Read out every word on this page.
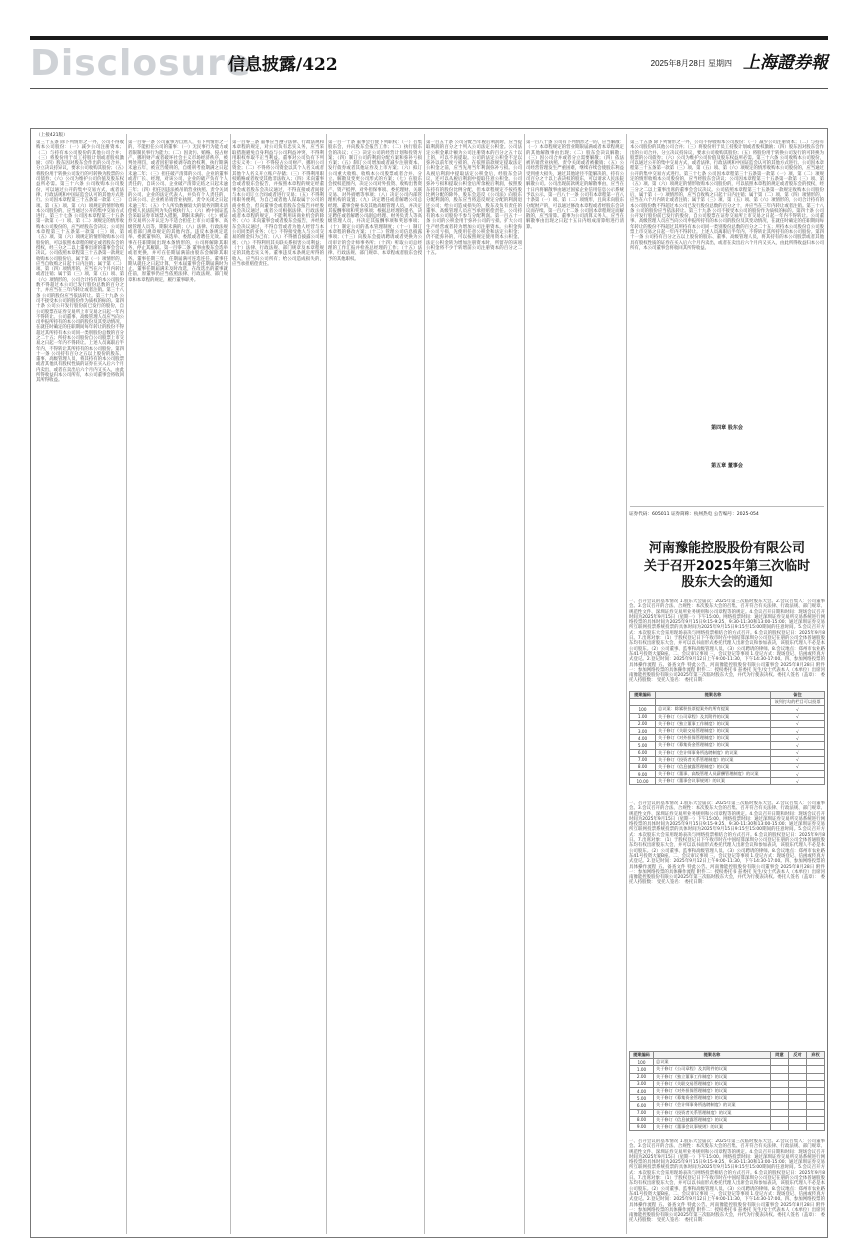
Disclosure
信息披露/422	2025年8月28日 星期四 上海證券報
（上接421版）
第三十五条 除下列情形之一外，公司不得收购本公司股份：（一）减少公司注册资本；（二）与持有本公司股份的其他公司合并；（三）将股份用于员工持股计划或者股权激励；（四）股东因对股东会作出的公司合并、分立决议持异议，要求公司收购其股份；（五）将股份用于转换公司发行的可转换为股票的公司债券；（六）公司为维护公司价值及股东权益所必需。第三十六条 公司收购本公司股份，可以通过公开的集中交易方式，或者法律、行政法规和中国证监会认可的其他方式进行。公司因本章程第三十五条第一款第（三）项、第（五）项、第（六）项规定的情形收购本公司股份的，应当通过公开的集中交易方式进行。第三十七条 公司因本章程第三十五条第一款第（一）项、第（二）项规定的情形收购本公司股份的，应当经股东会决议；公司因本章程第三十五条第一款第（三）项、第（五）项、第（六）项规定的情形收购本公司股份的，可以依照本章程的规定或者股东会的授权，经三分之二以上董事出席的董事会会议决议。公司依照本章程第三十五条第一款规定收购本公司股份后，属于第（一）项情形的，应当自收购之日起十日内注销；属于第（二）项、第（四）项情形的，应当在六个月内转让或者注销；属于第（三）项、第（五）项、第（六）项情形的，公司合计持有的本公司股份数不得超过本公司已发行股份总数的百分之十，并应当在三年内转让或者注销。第三十八条 公司的股份应当依法转让。第三十九条 公司不接受本公司的股份作为质权的标的。第四十条 公司公开发行股份前已发行的股份，自公司股票在证券交易所上市交易之日起一年内不得转让。公司董事、高级管理人员应当向公司申报所持有的本公司的股份及其变动情况，在就任时确定的任职期间每年转让的股份不得超过其所持有本公司同一类别股份总数的百分之二十五；所持本公司股份自公司股票上市交易之日起一年内不得转让。上述人员离职后半年内，不得转让其所持有的本公司股份。第四十一条 公司持有百分之五以上股份的股东、董事、高级管理人员，将其持有的本公司股票或者其他具有股权性质的证券在买入后六个月内卖出，或者在卖出后六个月内又买入，由此所得收益归本公司所有，本公司董事会将收回其所得收益。
第一百零一条 公司董事为自然人，有下列情形之一的，不能担任公司的董事：（一）无民事行为能力或者限制民事行为能力；（二）因贪污、贿赂、侵占财产、挪用财产或者破坏社会主义市场经济秩序，被判处刑罚，或者因犯罪被剥夺政治权利，执行期满未逾五年，被宣告缓刑的，自缓刑考验期满之日起未逾二年；（三）担任破产清算的公司、企业的董事或者厂长、经理，对该公司、企业的破产负有个人责任的，自该公司、企业破产清算完结之日起未逾三年；（四）担任因违法被吊销营业执照、责令关闭的公司、企业的法定代表人，并负有个人责任的，自该公司、企业被吊销营业执照、责令关闭之日起未逾三年；（五）个人所负数额较大的债务到期未清偿被人民法院列为失信被执行人；（六）被中国证监会采取证券市场禁入措施，期限未满的；（七）被证券交易所公开认定为不适合担任上市公司董事、高级管理人员等，期限未满的；（八）法律、行政法规或者部门规章规定的其他内容。违反本条规定选举、委派董事的，该选举、委派或者聘任无效。董事在任职期间出现本条情形的，公司将解除其职务，停止其履职。第一百零二条 董事由股东会选举或者更换，并可在任期届满前由股东会解除其职务。董事任期三年，任期届满可连选连任。董事任期从就任之日起计算，至本届董事会任期届满时为止。董事任期届满未及时改选，在改选出的董事就任前，原董事仍应当依照法律、行政法规、部门规章和本章程的规定，履行董事职务。
第一百零三条 董事应当遵守法律、行政法规和本章程的规定，对公司负有忠实义务，应当采取措施避免自身利益与公司利益冲突，不得利用职权牟取不正当利益。董事对公司负有下列忠实义务：（一）不得侵占公司财产、挪用公司资金；（二）不得将公司资金以其个人名义或者其他个人名义开立账户存储；（三）不得利用职权贿赂或者收受其他非法收入；（四）未向董事会或者股东会报告，并按照本章程的规定经董事会或者股东会决议通过，不得直接或者间接与本公司订立合同或者进行交易；（五）不得利用职务便利，为自己或者他人谋取属于公司的商业机会，但向董事会或者股东会报告并经股东会决议通过，或者公司根据法律、行政法规或者本章程的规定，不能利用该商业机会的除外；（六）未向董事会或者股东会报告，并经股东会决议通过，不得自营或者为他人经营与本公司同类的业务；（七）不得接受他人与公司交易的佣金归为己有；（八）不得擅自披露公司秘密；（九）不得利用其关联关系损害公司利益；（十）法律、行政法规、部门规章及本章程规定的其他忠实义务。董事违反本条规定所得的收入，应当归公司所有；给公司造成损失的，应当承担赔偿责任。
第一百一十条 董事会行使下列职权：（一）召集股东会，并向股东会报告工作；（二）执行股东会的决议；（三）决定公司的经营计划和投资方案；（四）制订公司的利润分配方案和弥补亏损方案；（五）制订公司增加或者减少注册资本、发行债券或者其他证券及上市方案；（六）拟订公司重大收购、收购本公司股票或者合并、分立、解散及变更公司形式的方案；（七）在股东会授权范围内，决定公司对外投资、收购出售资产、资产抵押、对外担保事项、委托理财、关联交易、对外捐赠等事项；（八）决定公司内部管理机构的设置；（九）决定聘任或者解聘公司总经理、董事会秘书及其他高级管理人员，并决定其报酬事项和奖惩事项；根据总经理的提名，决定聘任或者解聘公司副总经理、财务负责人等高级管理人员，并决定其报酬事项和奖惩事项；（十）制定公司的基本管理制度；（十一）制订本章程的修改方案；（十二）管理公司信息披露事项；（十三）向股东会提请聘请或者更换为公司审计的会计师事务所；（十四）听取公司总经理的工作汇报并检查总经理的工作；（十五）法律、行政法规、部门规章、本章程或者股东会授予的其他职权。
第一百五十条 公司分配当年税后利润时，应当提取利润的百分之十列入公司法定公积金。公司法定公积金累计额为公司注册资本的百分之五十以上的，可以不再提取。公司的法定公积金不足以弥补以前年度亏损的，在依照前款规定提取法定公积金之前，应当先用当年利润弥补亏损。公司从税后利润中提取法定公积金后，经股东会决议，还可以从税后利润中提取任意公积金。公司弥补亏损和提取公积金后所余税后利润，按照股东持有的股份比例分配，但本章程规定不按持股比例分配的除外。股东会违反《公司法》向股东分配利润的，股东应当将违反规定分配的利润退还公司；给公司造成损失的，股东及负有责任的董事、高级管理人员应当承担赔偿责任。公司持有的本公司股份不参与分配利润。第一百五十一条 公司的公积金用于弥补公司的亏损、扩大公司生产经营或者转为增加公司注册资本。公积金弥补公司亏损，先使用任意公积金和法定公积金；仍不能弥补的，可以按照规定使用资本公积金。法定公积金转为增加注册资本时，所留存的该项公积金将不少于转增前公司注册资本的百分之二十五。
第一百八十条 公司有下列情形之一的，应当解散：（一）本章程规定的营业期限届满或者本章程规定的其他解散事由出现；（二）股东会决议解散；（三）因公司合并或者分立需要解散；（四）依法被吊销营业执照、责令关闭或者被撤销；（五）公司经营管理发生严重困难，继续存续会使股东利益受到重大损失，通过其他途径不能解决的，持有公司百分之十以上表决权的股东，可以请求人民法院解散公司。公司出现前款规定的解散事由，应当在十日内将解散事由通过国家企业信用信息公示系统予以公示。第一百八十一条 公司有本章程第一百八十条第（一）项、第（二）项情形，且尚未向股东分配财产的，可以通过修改本章程或者经股东会决议而存续。第一百八十二条 公司因本章程规定而解散的，应当清算。董事为公司清算义务人，应当在解散事由出现之日起十五日内组成清算组进行清算。
第三十五条 除下列情形之一外，公司不得收购本公司股份：（一）减少公司注册资本；（二）与持有本公司股份的其他公司合并；（三）将股份用于员工持股计划或者股权激励；（四）股东因对股东会作出的公司合并、分立决议持异议，要求公司收购其股份；（五）将股份用于转换公司发行的可转换为股票的公司债券；（六）公司为维护公司价值及股东权益所必需。第三十六条 公司收购本公司股份，可以通过公开的集中交易方式，或者法律、行政法规和中国证监会认可的其他方式进行。公司因本章程第三十五条第一款第（三）项、第（五）项、第（六）项规定的情形收购本公司股份的，应当通过公开的集中交易方式进行。第三十七条 公司因本章程第三十五条第一款第（一）项、第（二）项规定的情形收购本公司股份的，应当经股东会决议；公司因本章程第三十五条第一款第（三）项、第（五）项、第（六）项规定的情形收购本公司股份的，可以依照本章程的规定或者股东会的授权，经三分之二以上董事出席的董事会会议决议。公司依照本章程第三十五条第一款规定收购本公司股份后，属于第（一）项情形的，应当自收购之日起十日内注销；属于第（二）项、第（四）项情形的，应当在六个月内转让或者注销；属于第（三）项、第（五）项、第（六）项情形的，公司合计持有的本公司股份数不得超过本公司已发行股份总数的百分之十，并应当在三年内转让或者注销。第三十八条 公司的股份应当依法转让。第三十九条 公司不接受本公司的股份作为质权的标的。第四十条 公司公开发行股份前已发行的股份，自公司股票在证券交易所上市交易之日起一年内不得转让。公司董事、高级管理人员应当向公司申报所持有的本公司的股份及其变动情况，在就任时确定的任职期间每年转让的股份不得超过其所持有本公司同一类别股份总数的百分之二十五；所持本公司股份自公司股票上市交易之日起一年内不得转让。上述人员离职后半年内，不得转让其所持有的本公司股份。第四十一条 公司持有百分之五以上股份的股东、董事、高级管理人员，将其持有的本公司股票或者其他具有股权性质的证券在买入后六个月内卖出，或者在卖出后六个月内又买入，由此所得收益归本公司所有，本公司董事会将收回其所得收益。
第四章 股东会
第五章 董事会
证券代码：605011 证券简称：杭州热电 公告编号：2025-054
河南豫能控股股份有限公司
关于召开2025年第三次临时
股东大会的通知
一、召开会议的基本情况 1.股东大会届次：2025年第三次临时股东大会。2.会议召集人：公司董事会。3.会议召开的合法、合规性：本次股东大会的召集、召开符合有关法律、行政法规、部门规章、规范性文件、深圳证券交易所业务规则和公司章程等的规定。4.会议召开日期和时间：现场会议召开时间为2025年9月15日（星期一）下午15:00。网络投票时间：通过深圳证券交易所交易系统进行网络投票的具体时间为2025年9月15日9:15-9:25，9:30-11:30和13:00-15:00；通过深圳证券交易所互联网投票系统投票的具体时间为2025年9月15日9:15至15:00期间的任意时间。5.会议召开方式：本次股东大会采用现场表决与网络投票相结合的方式召开。6.会议的股权登记日：2025年9月8日。7.出席对象：（1）于股权登记日下午收市时在中国结算深圳分公司登记在册的公司全体普通股股东均有权出席股东大会，并可以以书面形式委托代理人出席会议和参加表决，该股东代理人不必是本公司股东。（2）公司董事、监事和高级管理人员。（3）公司聘请的律师。8.会议地点：郑州市农业路东41号投资大厦B座。二、会议审议事项 三、会议登记等事项 1.登记方式：现场登记、信函或传真方式登记。2.登记时间：2025年9月12日上午9:00-11:30，下午14:30-17:00。四、参加网络投票的具体操作流程 五、备查文件 特此公告。河南豫能控股股份有限公司董事会 2025年8月28日 附件一：参加网络投票的具体操作流程 附件二：授权委托书 兹委托 先生/女士代表本人（本单位）出席河南豫能控股股份有限公司2025年第三次临时股东大会，并代为行使表决权。委托人签名（盖章）： 委托人持股数： 受托人签名： 委托日期：
提案编码	提案名称	备注
		该列打勾的栏目可以投票
100	总议案：除累积投票提案外的所有提案	√
1.00	关于修订《公司章程》及其附件的议案	√
2.00	关于修订《独立董事工作制度》的议案	√
3.00	关于修订《关联交易管理制度》的议案	√
4.00	关于修订《对外担保管理制度》的议案	√
5.00	关于修订《募集资金管理制度》的议案	√
6.00	关于修订《会计师事务所选聘制度》的议案	√
7.00	关于修订《投资者关系管理制度》的议案	√
8.00	关于修订《信息披露管理制度》的议案	√
9.00	关于修订《董事、高级管理人员薪酬管理制度》的议案	√
10.00	关于修订《董事会议事规则》的议案	√
一、召开会议的基本情况 1.股东大会届次：2025年第三次临时股东大会。2.会议召集人：公司董事会。3.会议召开的合法、合规性：本次股东大会的召集、召开符合有关法律、行政法规、部门规章、规范性文件、深圳证券交易所业务规则和公司章程等的规定。4.会议召开日期和时间：现场会议召开时间为2025年9月15日（星期一）下午15:00。网络投票时间：通过深圳证券交易所交易系统进行网络投票的具体时间为2025年9月15日9:15-9:25，9:30-11:30和13:00-15:00；通过深圳证券交易所互联网投票系统投票的具体时间为2025年9月15日9:15至15:00期间的任意时间。5.会议召开方式：本次股东大会采用现场表决与网络投票相结合的方式召开。6.会议的股权登记日：2025年9月8日。7.出席对象：（1）于股权登记日下午收市时在中国结算深圳分公司登记在册的公司全体普通股股东均有权出席股东大会，并可以以书面形式委托代理人出席会议和参加表决，该股东代理人不必是本公司股东。（2）公司董事、监事和高级管理人员。（3）公司聘请的律师。8.会议地点：郑州市农业路东41号投资大厦B座。二、会议审议事项 三、会议登记等事项 1.登记方式：现场登记、信函或传真方式登记。2.登记时间：2025年9月12日上午9:00-11:30，下午14:30-17:00。四、参加网络投票的具体操作流程 五、备查文件 特此公告。河南豫能控股股份有限公司董事会 2025年8月28日 附件一：参加网络投票的具体操作流程 附件二：授权委托书 兹委托 先生/女士代表本人（本单位）出席河南豫能控股股份有限公司2025年第三次临时股东大会，并代为行使表决权。委托人签名（盖章）： 委托人持股数： 受托人签名： 委托日期：
提案编码	提案名称	同意	反对	弃权
100	总议案			
1.00	关于修订《公司章程》及其附件的议案			
2.00	关于修订《独立董事工作制度》的议案			
3.00	关于修订《关联交易管理制度》的议案			
4.00	关于修订《对外担保管理制度》的议案			
5.00	关于修订《募集资金管理制度》的议案			
6.00	关于修订《会计师事务所选聘制度》的议案			
7.00	关于修订《投资者关系管理制度》的议案			
8.00	关于修订《信息披露管理制度》的议案			
9.00	关于修订《董事会议事规则》的议案			
一、召开会议的基本情况 1.股东大会届次：2025年第三次临时股东大会。2.会议召集人：公司董事会。3.会议召开的合法、合规性：本次股东大会的召集、召开符合有关法律、行政法规、部门规章、规范性文件、深圳证券交易所业务规则和公司章程等的规定。4.会议召开日期和时间：现场会议召开时间为2025年9月15日（星期一）下午15:00。网络投票时间：通过深圳证券交易所交易系统进行网络投票的具体时间为2025年9月15日9:15-9:25，9:30-11:30和13:00-15:00；通过深圳证券交易所互联网投票系统投票的具体时间为2025年9月15日9:15至15:00期间的任意时间。5.会议召开方式：本次股东大会采用现场表决与网络投票相结合的方式召开。6.会议的股权登记日：2025年9月8日。7.出席对象：（1）于股权登记日下午收市时在中国结算深圳分公司登记在册的公司全体普通股股东均有权出席股东大会，并可以以书面形式委托代理人出席会议和参加表决，该股东代理人不必是本公司股东。（2）公司董事、监事和高级管理人员。（3）公司聘请的律师。8.会议地点：郑州市农业路东41号投资大厦B座。二、会议审议事项 三、会议登记等事项 1.登记方式：现场登记、信函或传真方式登记。2.登记时间：2025年9月12日上午9:00-11:30，下午14:30-17:00。四、参加网络投票的具体操作流程 五、备查文件 特此公告。河南豫能控股股份有限公司董事会 2025年8月28日 附件一：参加网络投票的具体操作流程 附件二：授权委托书 兹委托 先生/女士代表本人（本单位）出席河南豫能控股股份有限公司2025年第三次临时股东大会，并代为行使表决权。委托人签名（盖章）： 委托人持股数： 受托人签名： 委托日期：
